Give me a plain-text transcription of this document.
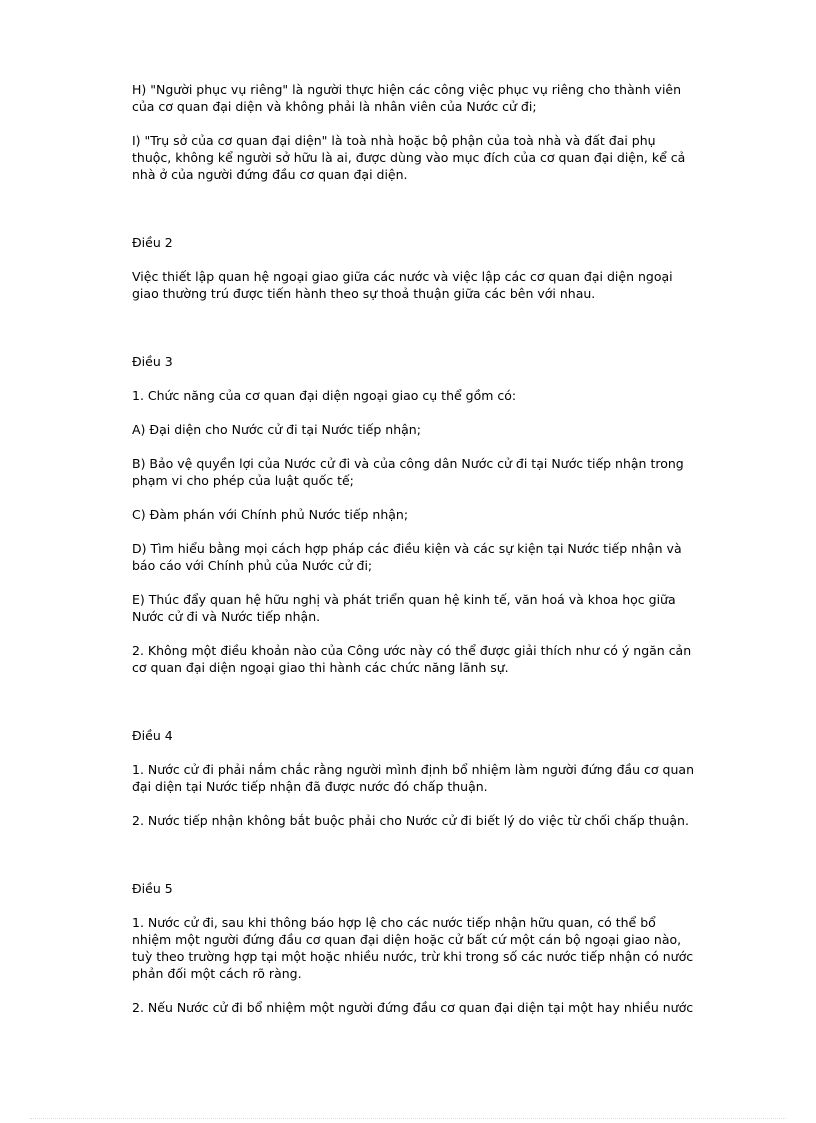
H) "Người phục vụ riêng" là người thực hiện các công việc phục vụ riêng cho thành viên
của cơ quan đại diện và không phải là nhân viên của Nước cử đi;

I) "Trụ sở của cơ quan đại diện" là toà nhà hoặc bộ phận của toà nhà và đất đai phụ
thuộc, không kể người sở hữu là ai, được dùng vào mục đích của cơ quan đại diện, kể cả
nhà ở của người đứng đầu cơ quan đại diện.

Điều 2

Việc thiết lập quan hệ ngoại giao giữa các nước và việc lập các cơ quan đại diện ngoại
giao thường trú được tiến hành theo sự thoả thuận giữa các bên với nhau.

Điều 3

1. Chức năng của cơ quan đại diện ngoại giao cụ thể gồm có:

A) Đại diện cho Nước cử đi tại Nước tiếp nhận;

B) Bảo vệ quyền lợi của Nước cử đi và của công dân Nước cử đi tại Nước tiếp nhận trong
phạm vi cho phép của luật quốc tế;

C) Đàm phán với Chính phủ Nước tiếp nhận;

D) Tìm hiểu bằng mọi cách hợp pháp các điều kiện và các sự kiện tại Nước tiếp nhận và
báo cáo với Chính phủ của Nước cử đi;

E) Thúc đẩy quan hệ hữu nghị và phát triển quan hệ kinh tế, văn hoá và khoa học giữa
Nước cử đi và Nước tiếp nhận.

2. Không một điều khoản nào của Công ước này có thể được giải thích như có ý ngăn cản
cơ quan đại diện ngoại giao thi hành các chức năng lãnh sự.

Điều 4

1. Nước cử đi phải nắm chắc rằng người mình định bổ nhiệm làm người đứng đầu cơ quan
đại diện tại Nước tiếp nhận đã được nước đó chấp thuận.

2. Nước tiếp nhận không bắt buộc phải cho Nước cử đi biết lý do việc từ chối chấp thuận.

Điều 5

1. Nước cử đi, sau khi thông báo hợp lệ cho các nước tiếp nhận hữu quan, có thể bổ
nhiệm một người đứng đầu cơ quan đại diện hoặc cử bất cứ một cán bộ ngoại giao nào,
tuỳ theo trường hợp tại một hoặc nhiều nước, trừ khi trong số các nước tiếp nhận có nước
phản đối một cách rõ ràng.

2. Nếu Nước cử đi bổ nhiệm một người đứng đầu cơ quan đại diện tại một hay nhiều nước
